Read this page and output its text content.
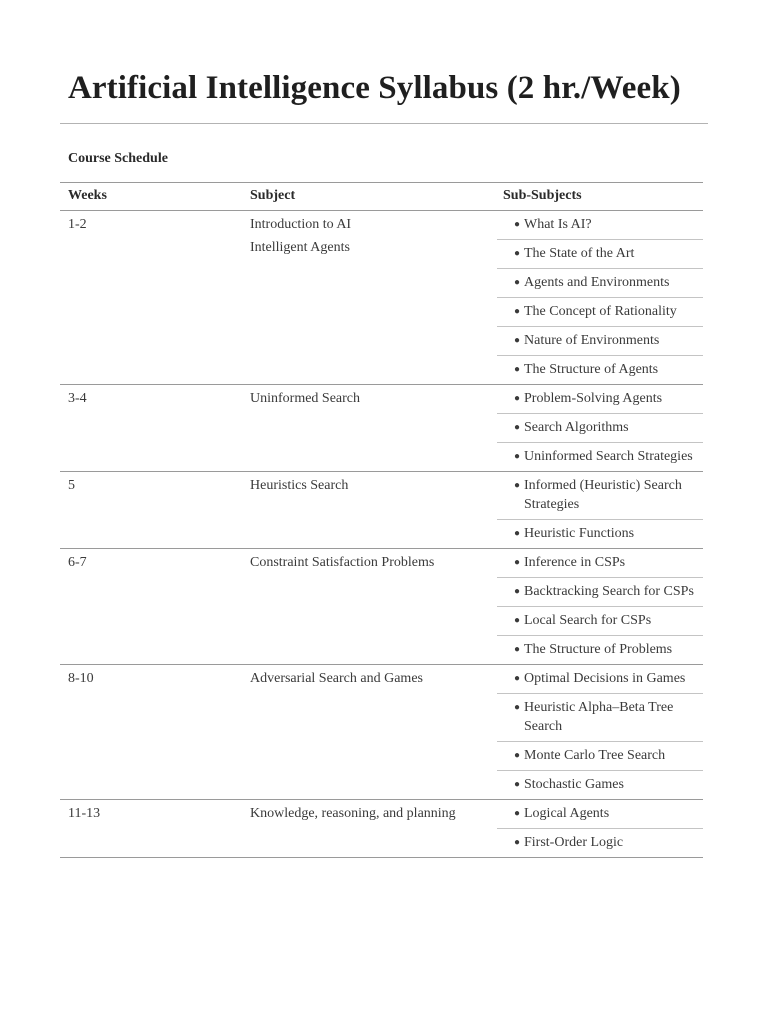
Artificial Intelligence Syllabus (2 hr./Week)
Course Schedule
Weeks	Subject	Sub-Subjects
1-2	Introduction to AI
Intelligent Agents
● What Is AI?
● The State of the Art
● Agents and Environments
● The Concept of Rationality
● Nature of Environments
● The Structure of Agents
3-4	Uninformed Search	● Problem-Solving Agents
● Search Algorithms
● Uninformed Search Strategies
5	Heuristics Search	● Informed (Heuristic) Search Strategies
● Heuristic Functions
6-7	Constraint Satisfaction Problems	● Inference in CSPs
● Backtracking Search for CSPs
● Local Search for CSPs
● The Structure of Problems
8-10	Adversarial Search and Games	● Optimal Decisions in Games
● Heuristic Alpha–Beta Tree Search
● Monte Carlo Tree Search
● Stochastic Games
11-13	Knowledge, reasoning, and planning	● Logical Agents
● First-Order Logic
